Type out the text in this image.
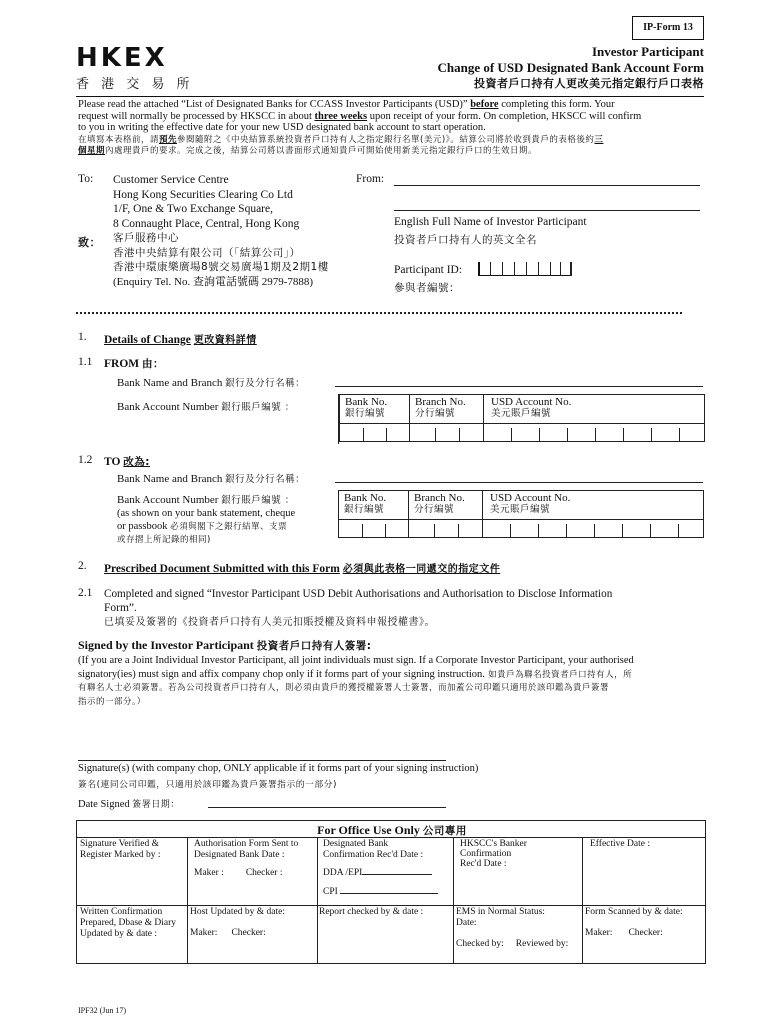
IP-Form 13
HKEX
香 港 交 易 所
Investor Participant
Change of USD Designated Bank Account Form
投資者戶口持有人更改美元指定銀行戶口表格
Please read the attached “List of Designated Banks for CCASS Investor Participants (USD)” before completing this form. Your
request will normally be processed by HKSCC in about three weeks upon receipt of your form. On completion, HKSCC will confirm
to you in writing the effective date for your new USD designated bank account to start operation.
在填寫本表格前，請預先參閱隨附之《中央結算系統投資者戶口持有人之指定銀行名單(美元)》。結算公司將於收到貴戶的表格後約三
個星期內處理貴戶的要求。完成之後，結算公司將以書面形式通知貴戶可開始使用新美元指定銀行戶口的生效日期。
To:
致：
Customer Service Centre
Hong Kong Securities Clearing Co Ltd
1/F, One & Two Exchange Square,
8 Connaught Place, Central, Hong Kong
客戶服務中心
香港中央結算有限公司（「結算公司」）
香港中環康樂廣場8號交易廣場1期及2期1樓
(Enquiry Tel. No. 查詢電話號碼 2979-7888)
From:
English Full Name of Investor Participant
投資者戶口持有人的英文全名
Participant ID:
參與者編號：
1. Details of Change 更改資料詳情
1.1 FROM 由：
Bank Name and Branch 銀行及分行名稱：
Bank Account Number 銀行賬戶編號 ：	Bank No.
銀行編號
Branch No.
分行編號
USD Account No.
美元賬戶編號
1.2 TO 改為:
Bank Name and Branch 銀行及分行名稱：
Bank Account Number 銀行賬戶編號 ：
(as shown on your bank statement, cheque
or passbook 必須與閣下之銀行結單、支票
或存摺上所記錄的相同)
Bank No.
銀行編號
Branch No.
分行編號
USD Account No.
美元賬戶編號
2. Prescribed Document Submitted with this Form 必須與此表格一同遞交的指定文件
2.1 Completed and signed “Investor Participant USD Debit Authorisations and Authorisation to Disclose Information
Form”.
已填妥及簽署的《投資者戶口持有人美元扣賬授權及資料申報授權書》。
Signed by the Investor Participant 投資者戶口持有人簽署:
(If you are a Joint Individual Investor Participant, all joint individuals must sign. If a Corporate Investor Participant, your authorised
signatory(ies) must sign and affix company chop only if it forms part of your signing instruction. 如貴戶為聯名投資者戶口持有人，所
有聯名人士必須簽署。若為公司投資者戶口持有人，則必須由貴戶的獲授權簽署人士簽署，而加蓋公司印鑑只適用於該印鑑為貴戶簽署
指示的一部分。）
Signature(s) (with company chop, ONLY applicable if it forms part of your signing instruction)
簽名(連同公司印鑑，只適用於該印鑑為貴戶簽署指示的一部分)
Date Signed 簽署日期：
For Office Use Only 公司專用
Signature Verified &
Register Marked by :
Authorisation Form Sent to
Designated Bank Date :
Maker : Checker :
Designated Bank
Confirmation Rec'd Date :
DDA /EPI
CPI
HKSCC's Banker
Confirmation
Rec'd Date :
Effective Date :
Written Confirmation
Prepared, Dbase & Diary
Updated by & date :
Host Updated by & date:
Maker: Checker:
Report checked by & date :	EMS in Normal Status:
Date:
Checked by: Reviewed by:
Form Scanned by & date:
Maker: Checker:
IPF32 (Jun 17)
